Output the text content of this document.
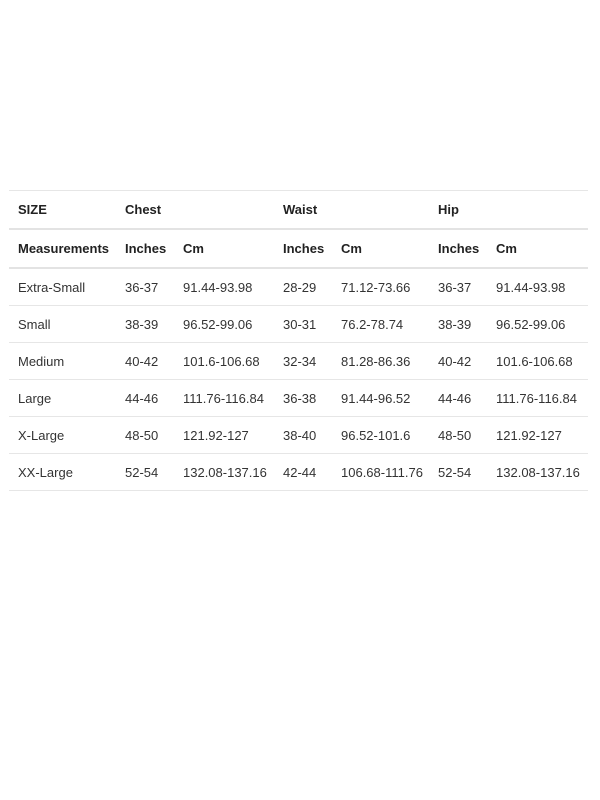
SIZE	Chest		Waist		Hip	
Measurements	Inches	Cm	Inches	Cm	Inches	Cm
Extra-Small	36-37	91.44-93.98	28-29	71.12-73.66	36-37	91.44-93.98
Small	38-39	96.52-99.06	30-31	76.2-78.74	38-39	96.52-99.06
Medium	40-42	101.6-106.68	32-34	81.28-86.36	40-42	101.6-106.68
Large	44-46	111.76-116.84	36-38	91.44-96.52	44-46	111.76-116.84
X-Large	48-50	121.92-127	38-40	96.52-101.6	48-50	121.92-127
XX-Large	52-54	132.08-137.16	42-44	106.68-111.76	52-54	132.08-137.16
